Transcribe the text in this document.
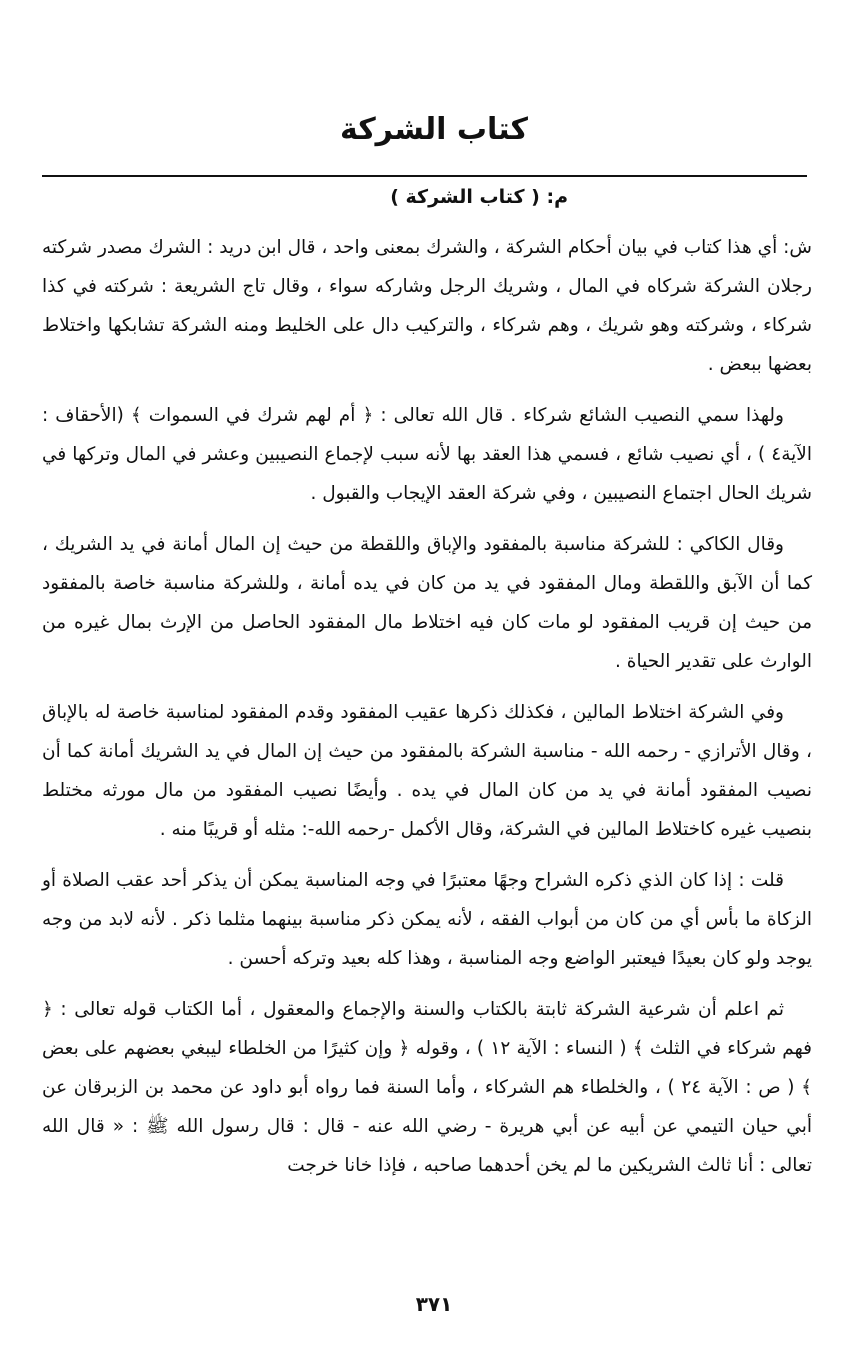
كتاب الشركة
م: ( كتاب الشركة )

ش: أي هذا كتاب في بيان أحكام الشركة ، والشرك بمعنى واحد ، قال ابن دريد : الشرك مصدر شركته رجلان الشركة شركاه في المال ، وشريك الرجل وشاركه سواء ، وقال تاج الشريعة : شركته في كذا شركاء ، وشركته وهو شريك ، وهم شركاء ، والتركيب دال على الخليط ومنه الشركة تشابكها واختلاط بعضها ببعض .

ولهذا سمي النصيب الشائع شركاء . قال الله تعالى : ﴿ أم لهم شرك في السموات ﴾ (الأحقاف : الآية٤ ) ، أي نصيب شائع ، فسمي هذا العقد بها لأنه سبب لإجماع النصيبين وعشر في المال وتركها في شريك الحال اجتماع النصيبين ، وفي شركة العقد الإيجاب والقبول .

وقال الكاكي : للشركة مناسبة بالمفقود والإباق واللقطة من حيث إن المال أمانة في يد الشريك ، كما أن الآبق واللقطة ومال المفقود في يد من كان في يده أمانة ، وللشركة مناسبة خاصة بالمفقود من حيث إن قريب المفقود لو مات كان فيه اختلاط مال المفقود الحاصل من الإرث بمال غيره من الوارث على تقدير الحياة .

وفي الشركة اختلاط المالين ، فكذلك ذكرها عقيب المفقود وقدم المفقود لمناسبة خاصة له بالإباق ، وقال الأترازي - رحمه الله - مناسبة الشركة بالمفقود من حيث إن المال في يد الشريك أمانة كما أن نصيب المفقود أمانة في يد من كان المال في يده . وأيضًا نصيب المفقود من مال مورثه مختلط بنصيب غيره كاختلاط المالين في الشركة، وقال الأكمل -رحمه الله-: مثله أو قريبًا منه .

قلت : إذا كان الذي ذكره الشراح وجهًا معتبرًا في وجه المناسبة يمكن أن يذكر أحد عقب الصلاة أو الزكاة ما بأس أي من كان من أبواب الفقه ، لأنه يمكن ذكر مناسبة بينهما مثلما ذكر . لأنه لابد من وجه يوجد ولو كان بعيدًا فيعتبر الواضع وجه المناسبة ، وهذا كله بعيد وتركه أحسن .

ثم اعلم أن شرعية الشركة ثابتة بالكتاب والسنة والإجماع والمعقول ، أما الكتاب قوله تعالى : ﴿ فهم شركاء في الثلث ﴾ ( النساء : الآية ١٢ ) ، وقوله ﴿ وإن كثيرًا من الخلطاء ليبغي بعضهم على بعض ﴾ ( ص : الآية ٢٤ ) ، والخلطاء هم الشركاء ، وأما السنة فما رواه أبو داود عن محمد بن الزبرقان عن أبي حيان التيمي عن أبيه عن أبي هريرة - رضي الله عنه - قال : قال رسول الله ﷺ : « قال الله تعالى : أنا ثالث الشريكين ما لم يخن أحدهما صاحبه ، فإذا خانا خرجت

٣٧١
